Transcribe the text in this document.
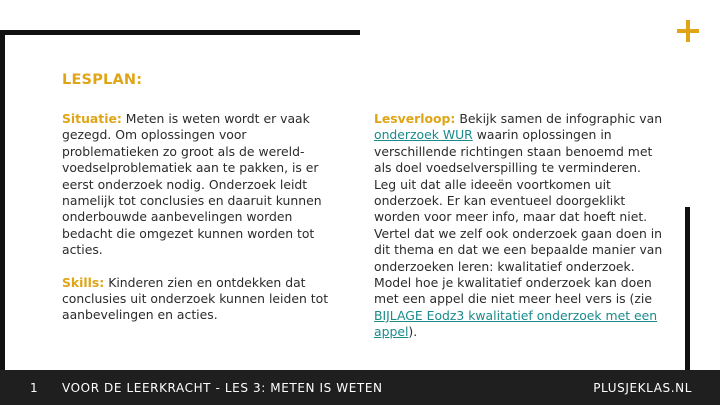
LESPLAN:

Situatie: Meten is weten wordt er vaak gezegd. Om oplossingen voor problematieken zo groot als de wereld- voedselproblematiek aan te pakken, is er eerst onderzoek nodig. Onderzoek leidt namelijk tot conclusies en daaruit kunnen onderbouwde aanbevelingen worden bedacht die omgezet kunnen worden tot acties.

Skills: Kinderen zien en ontdekken dat conclusies uit onderzoek kunnen leiden tot aanbevelingen en acties.

Lesverloop: Bekijk samen de infographic van onderzoek WUR waarin oplossingen in verschillende richtingen staan benoemd met als doel voedselverspilling te verminderen. Leg uit dat alle ideeën voortkomen uit onderzoek. Er kan eventueel doorgeklikt worden voor meer info, maar dat hoeft niet. Vertel dat we zelf ook onderzoek gaan doen in dit thema en dat we een bepaalde manier van onderzoeken leren: kwalitatief onderzoek. Model hoe je kwalitatief onderzoek kan doen met een appel die niet meer heel vers is (zie BIJLAGE Eodz3 kwalitatief onderzoek met een appel).

1 VOOR DE LEERKRACHT - LES 3: METEN IS WETEN	PLUSJEKLAS.NL
